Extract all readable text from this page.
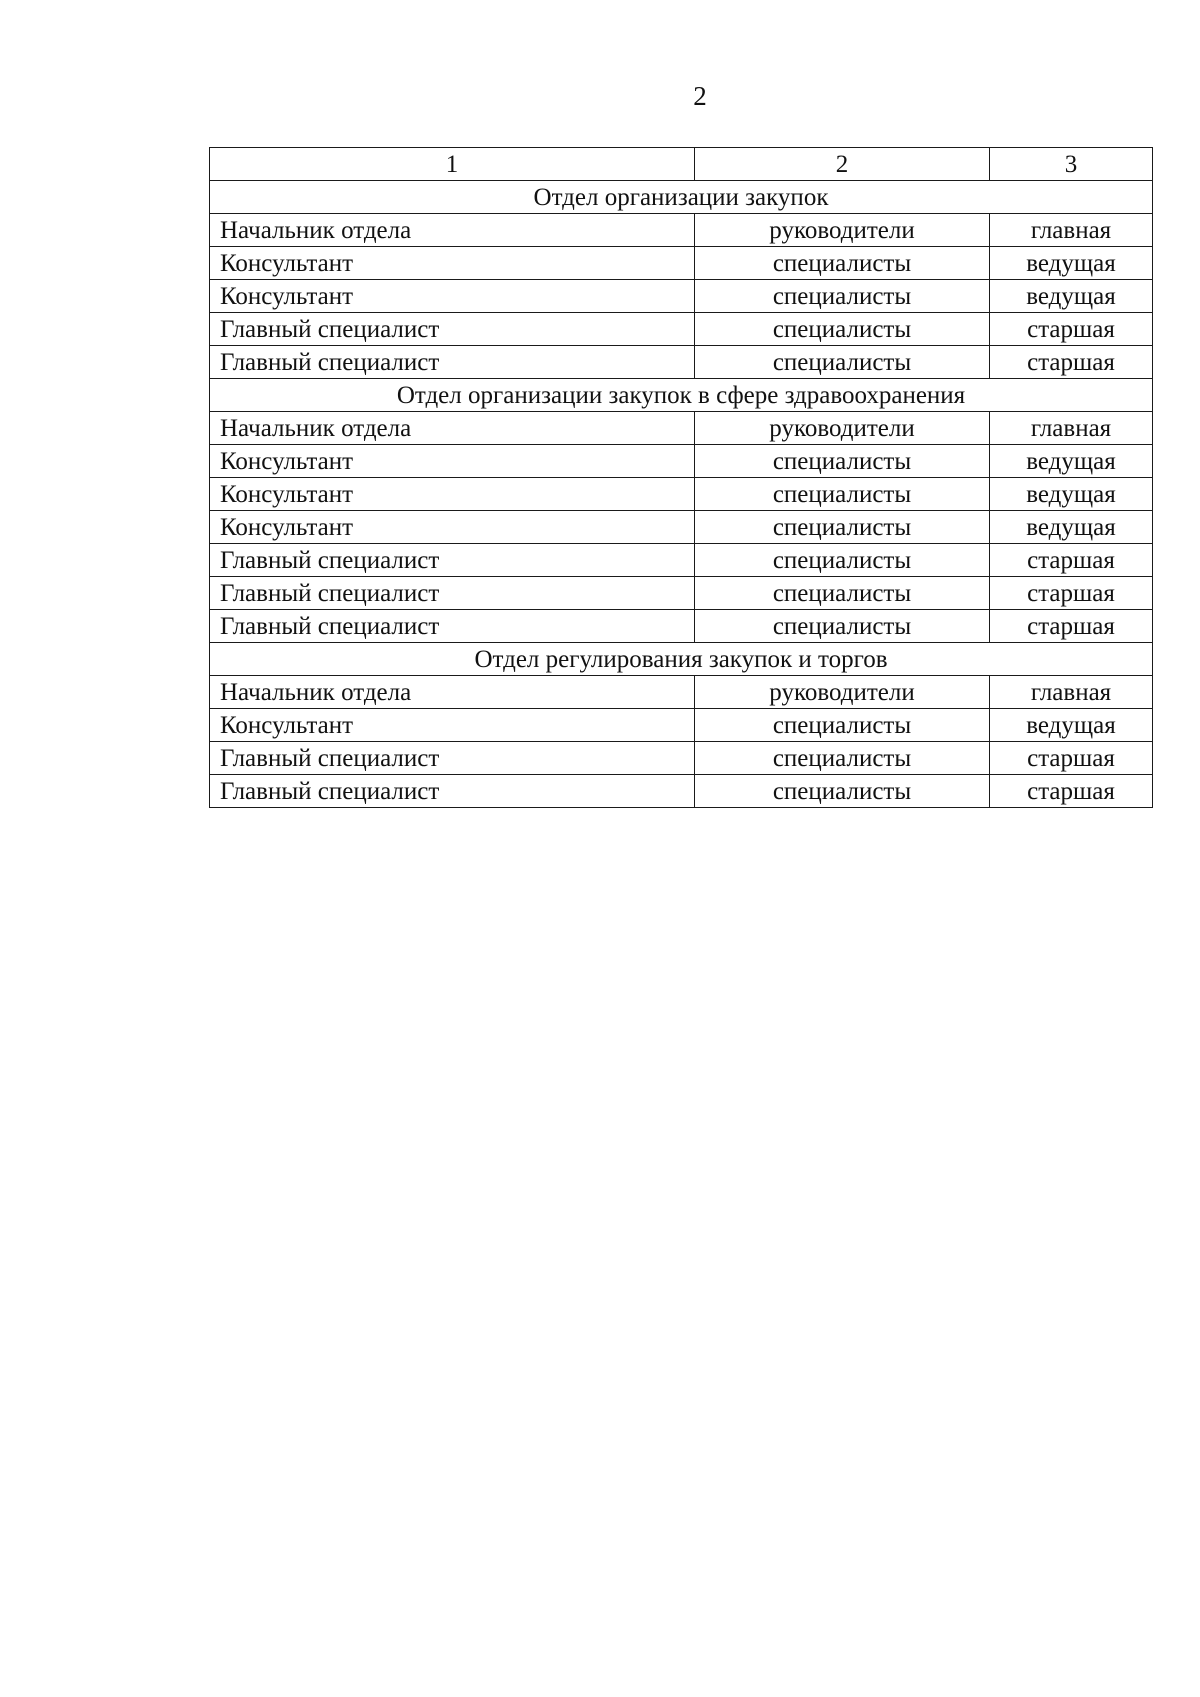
2
1	2	3
Отдел организации закупок		
Начальник отдела	руководители	главная
Консультант	специалисты	ведущая
Консультант	специалисты	ведущая
Главный специалист	специалисты	старшая
Главный специалист	специалисты	старшая
Отдел организации закупок в сфере здравоохранения		
Начальник отдела	руководители	главная
Консультант	специалисты	ведущая
Консультант	специалисты	ведущая
Консультант	специалисты	ведущая
Главный специалист	специалисты	старшая
Главный специалист	специалисты	старшая
Главный специалист	специалисты	старшая
Отдел регулирования закупок и торгов		
Начальник отдела	руководители	главная
Консультант	специалисты	ведущая
Главный специалист	специалисты	старшая
Главный специалист	специалисты	старшая
